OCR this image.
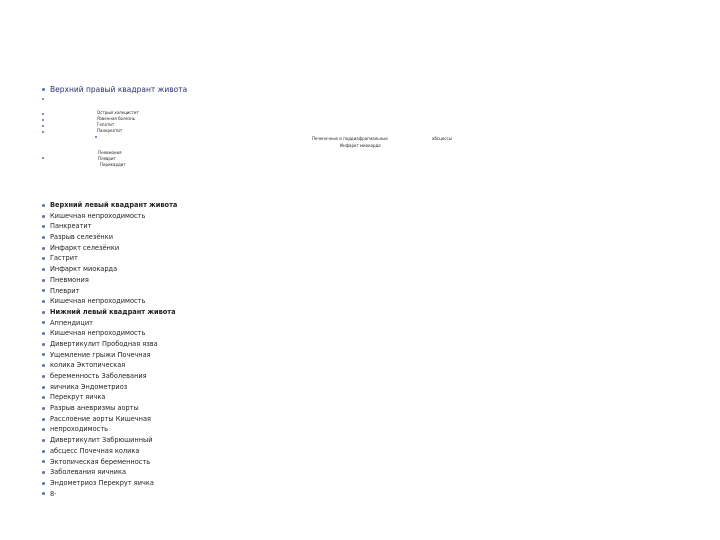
Верхний правый квадрант живота
Острый холецистит
Язвенная болезнь
Гепатит
Панкреатит
Печеночные и поддиафрагмальные	абсцессы
Инфаркт миокарда
Пневмония
Плеврит
Перикардит
Верхний левый квадрант живота
Кишечная непроходимость
Панкреатит
Разрыв селезёнки
Инфаркт селезёнки
Гастрит
Инфаркт миокарда
Пневмония
Плеврит
Кишечная непроходимость
Нижний левый квадрант живота
Аппендицит
Кишечная непроходимость
Дивертикулит Прободная язва
Ущемление грыжи Почечная
колика Эктопическая
беременность Заболевания
яичника Эндометриоз
Перекрут яичка
Разрыв аневризмы аорты
Расслоение аорты Кишечная
непроходимость
Дивертикулит Забрюшинный
абсцесс Почечная колика
Эктопическая беременность
Заболевания яичника
Эндометриоз Перекрут яичка
8·
